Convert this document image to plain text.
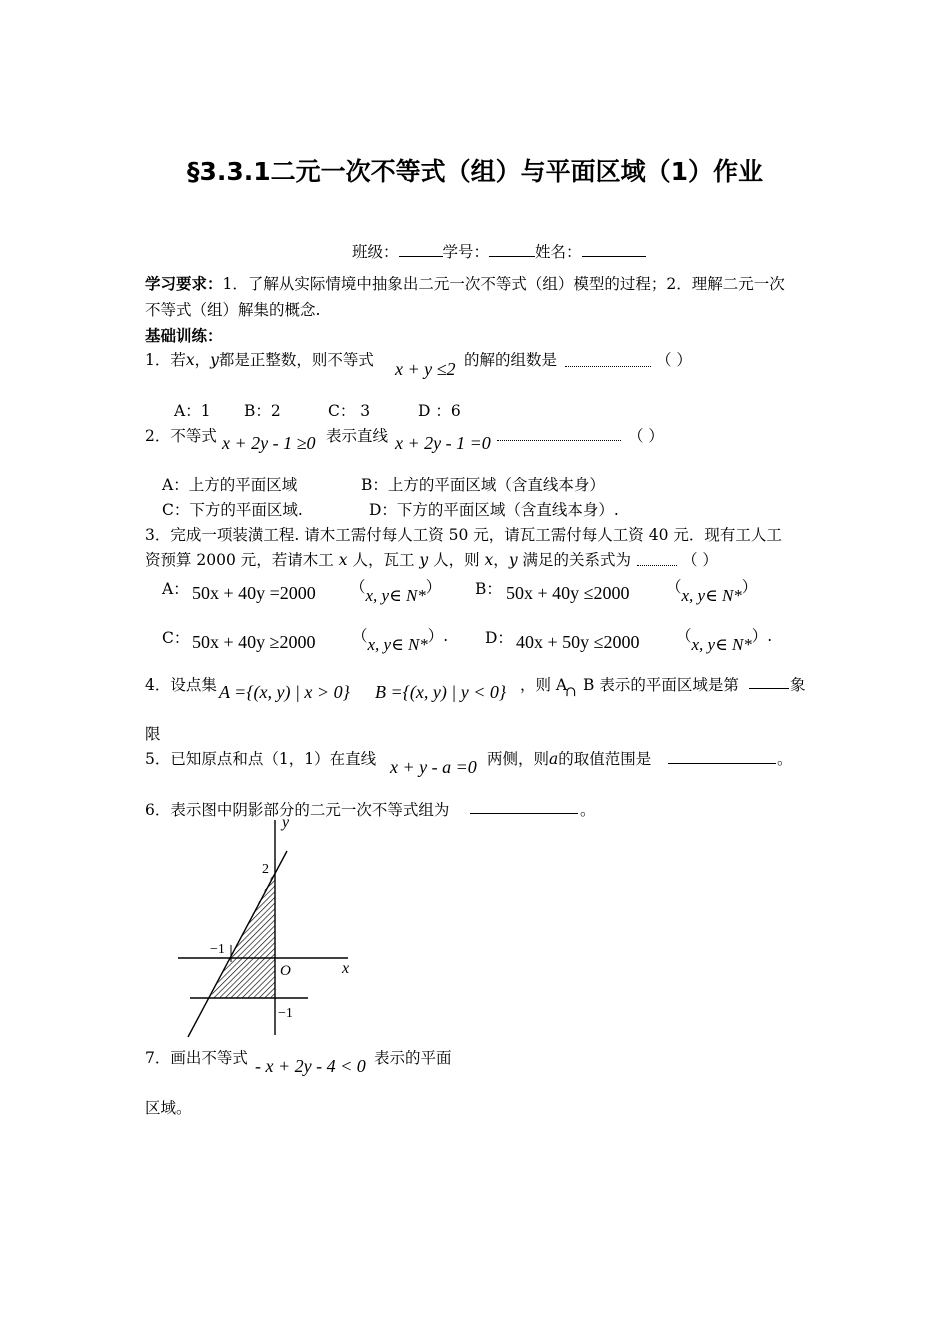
§3.3.1二元一次不等式（组）与平面区域（1）作业
班级：	学号：	姓名：
学习要求：1．了解从实际情境中抽象出二元一次不等式（组）模型的过程；2．理解二元一次
不等式（组）解集的概念.
基础训练：
1．若x，y都是正整数，则不等式 x + y ≤2 的解的组数是	（ ）
A：1 B：2	C： 3	D ：6
2．不等式 x + 2y - 1 ≥0 表示直线 x + 2y - 1 =0	（ ）
A：上方的平面区域	B：上方的平面区域（含直线本身）
C：下方的平面区域.	D：下方的平面区域（含直线本身）.
3．完成一项装潢工程. 请木工需付每人工资 50 元，请瓦工需付每人工资 40 元．现有工人工
资预算 2000 元，若请木工 x 人，瓦工 y 人，则 x，y 满足的关系式为	（ ）
A： 50x + 40y =2000 （x, y∈ N*） B： 50x + 40y ≤2000 （x, y∈ N*）
C： 50x + 40y ≥2000 （x, y∈ N*）. D： 40x + 50y ≤2000 （x, y∈ N*）.
4．设点集 A ={(x, y) | x > 0} B ={(x, y) | y < 0} ，则 A
∩ B 表示的平面区域是第	象
限
5．已知原点和点（1，1）在直线 x + y - a =0 两侧，则a的取值范围是	。
6．表示图中阴影部分的二元一次不等式组为	。
y
x
2
−1
O
−1
7．画出不等式 - x + 2y - 4 < 0 表示的平面
区域。
